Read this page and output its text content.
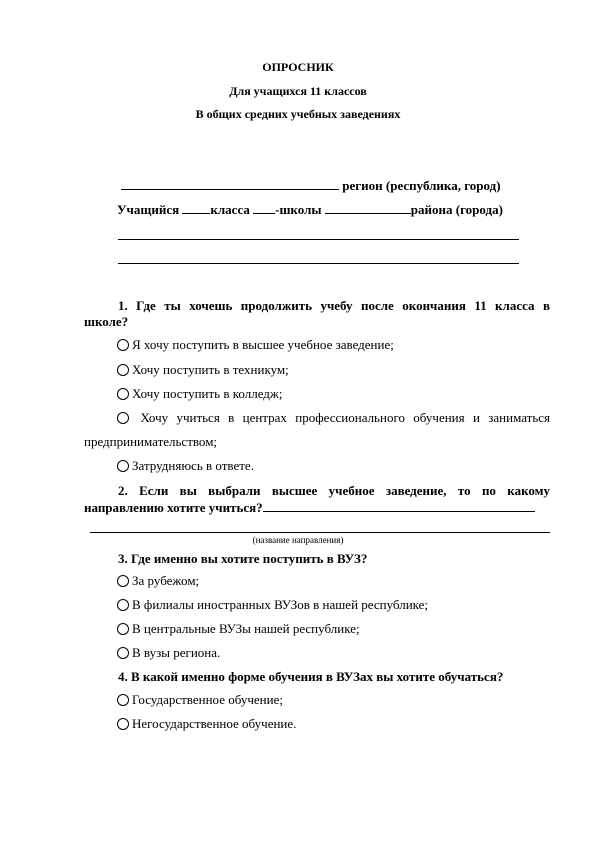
ОПРОСНИК
Для учащихся 11 классов
В общих средних учебных заведениях
регион (республика, город)
Учащийся класса -школы	района (города)
1. Где ты хочешь продолжить учебу после окончания 11 класса в
школе?
Я хочу поступить в высшее учебное заведение;
Хочу поступить в техникум;
Хочу поступить в колледж;
Хочу учиться в центрах профессионального обучения и заниматься
предпринимательством;
Затрудняюсь в ответе.
2. Если вы выбрали высшее учебное заведение, то по какому
направлению хотите учиться?
(название направления)
3. Где именно вы хотите поступить в ВУЗ?
За рубежом;
В филиалы иностранных ВУЗов в нашей республике;
В центральные ВУЗы нашей республике;
В вузы региона.
4. В какой именно форме обучения в ВУЗах вы хотите обучаться?
Государственное обучение;
Негосударственное обучение.
